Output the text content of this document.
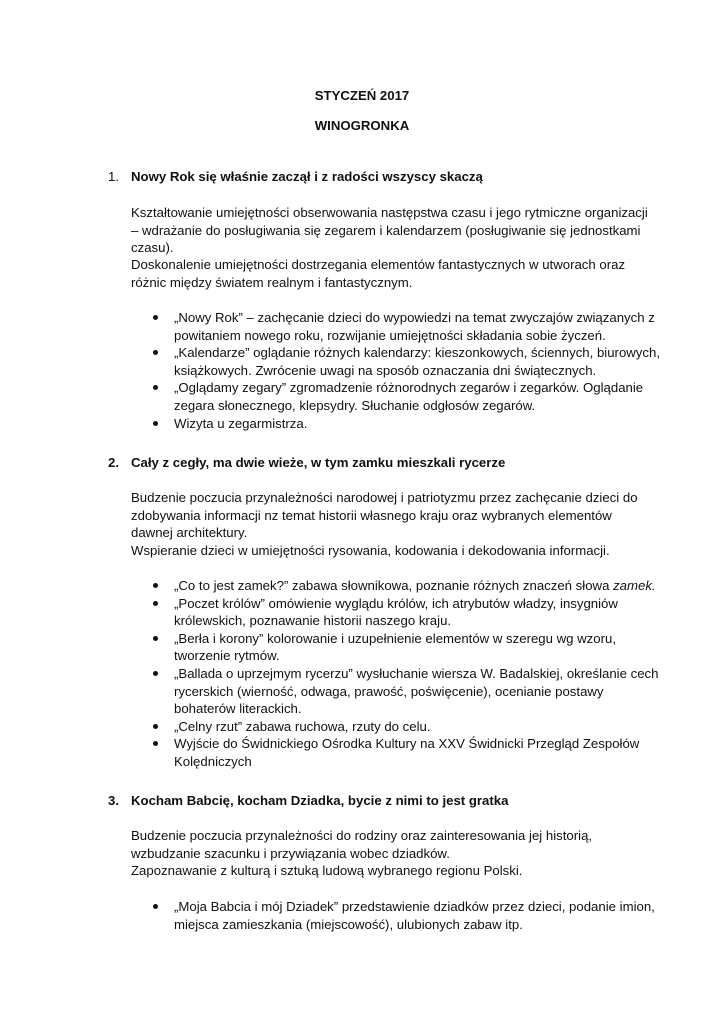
STYCZEŃ 2017
WINOGRONKA
1. Nowy Rok się właśnie zaczął i z radości wszyscy skaczą

Kształtowanie umiejętności obserwowania następstwa czasu i jego rytmiczne organizacji – wdrażanie do posługiwania się zegarem i kalendarzem (posługiwanie się jednostkami czasu).

Doskonalenie umiejętności dostrzegania elementów fantastycznych w utworach oraz różnic między światem realnym i fantastycznym.

„Nowy Rok” – zachęcanie dzieci do wypowiedzi na temat zwyczajów związanych z powitaniem nowego roku, rozwijanie umiejętności składania sobie życzeń.
„Kalendarze” oglądanie różnych kalendarzy: kieszonkowych, ściennych, biurowych, książkowych. Zwrócenie uwagi na sposób oznaczania dni świątecznych.
„Oglądamy zegary” zgromadzenie różnorodnych zegarów i zegarków. Oglądanie zegara słonecznego, klepsydry. Słuchanie odgłosów zegarów.
Wizyta u zegarmistrza.
2. Cały z cegły, ma dwie wieże, w tym zamku mieszkali rycerze

Budzenie poczucia przynależności narodowej i patriotyzmu przez zachęcanie dzieci do zdobywania informacji nz temat historii własnego kraju oraz wybranych elementów dawnej architektury.

Wspieranie dzieci w umiejętności rysowania, kodowania i dekodowania informacji.

„Co to jest zamek?” zabawa słownikowa, poznanie różnych znaczeń słowa zamek.
„Poczet królów” omówienie wyglądu królów, ich atrybutów władzy, insygniów królewskich, poznawanie historii naszego kraju.
„Berła i korony” kolorowanie i uzupełnienie elementów w szeregu wg wzoru, tworzenie rytmów.
„Ballada o uprzejmym rycerzu” wysłuchanie wiersza W. Badalskiej, określanie cech rycerskich (wierność, odwaga, prawość, poświęcenie), ocenianie postawy bohaterów literackich.
„Celny rzut” zabawa ruchowa, rzuty do celu.
Wyjście do Świdnickiego Ośrodka Kultury na XXV Świdnicki Przegląd Zespołów Kolędniczych
3. Kocham Babcię, kocham Dziadka, bycie z nimi to jest gratka

Budzenie poczucia przynależności do rodziny oraz zainteresowania jej historią, wzbudzanie szacunku i przywiązania wobec dziadków.

Zapoznawanie z kulturą i sztuką ludową wybranego regionu Polski.

„Moja Babcia i mój Dziadek” przedstawienie dziadków przez dzieci, podanie imion, miejsca zamieszkania (miejscowość), ulubionych zabaw itp.
